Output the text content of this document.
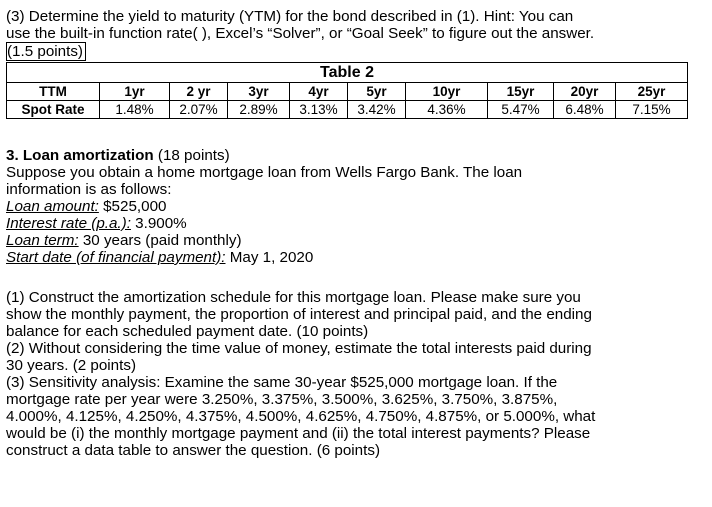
(3) Determine the yield to maturity (YTM) for the bond described in (1). Hint: You can
use the built-in function rate( ), Excel’s “Solver”, or “Goal Seek” to figure out the answer.
(1.5 points)
Table 2									
TTM	1yr	2 yr	3yr	4yr	5yr	10yr	15yr	20yr	25yr
Spot Rate	1.48%	2.07%	2.89%	3.13%	3.42%	4.36%	5.47%	6.48%	7.15%
3. Loan amortization (18 points)
Suppose you obtain a home mortgage loan from Wells Fargo Bank. The loan
information is as follows:
Loan amount: $525,000
Interest rate (p.a.): 3.900%
Loan term: 30 years (paid monthly)
Start date (of financial payment): May 1, 2020
(1) Construct the amortization schedule for this mortgage loan. Please make sure you
show the monthly payment, the proportion of interest and principal paid, and the ending
balance for each scheduled payment date. (10 points)
(2) Without considering the time value of money, estimate the total interests paid during
30 years. (2 points)
(3) Sensitivity analysis: Examine the same 30-year $525,000 mortgage loan. If the
mortgage rate per year were 3.250%, 3.375%, 3.500%, 3.625%, 3.750%, 3.875%,
4.000%, 4.125%, 4.250%, 4.375%, 4.500%, 4.625%, 4.750%, 4.875%, or 5.000%, what
would be (i) the monthly mortgage payment and (ii) the total interest payments? Please
construct a data table to answer the question. (6 points)
